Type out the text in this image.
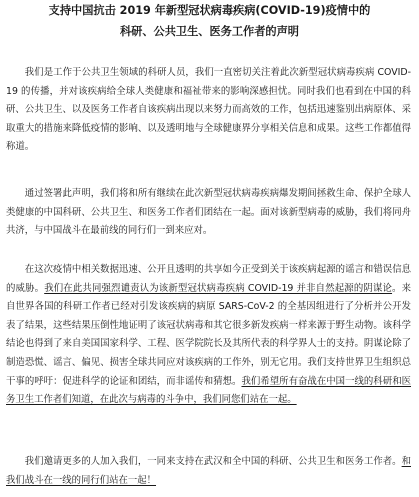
支持中国抗击 2019 年新型冠状病毒疾病(COVID-19)疫情中的
科研、公共卫生、医务工作者的声明

我们是工作于公共卫生领域的科研人员，我们一直密切关注着此次新型冠状病毒疾病 COVID-19 的传播，并对该疾病给全球人类健康和福祉带来的影响深感担忧。同时我们也看到在中国的科研、公共卫生、以及医务工作者自该疾病出现以来努力而高效的工作，包括迅速鉴别出病原体、采取重大的措施来降低疫情的影响、以及透明地与全球健康界分享相关信息和成果。这些工作都值得称道。

通过签署此声明，我们将和所有继续在此次新型冠状病毒疾病爆发期间拯救生命、保护全球人类健康的中国科研、公共卫生、和医务工作者们团结在一起。面对该新型病毒的威胁，我们将同舟共济，与中国战斗在最前线的同行们一到来应对。

在这次疫情中相关数据迅速、公开且透明的共享如今正受到关于该疾病起源的谣言和错误信息的威胁。我们在此共同强烈谴责认为该新型冠状病毒疾病 COVID-19 并非自然起源的阴谋论。来自世界各国的科研工作者已经对引发该疾病的病原 SARS-CoV-2 的全基因组进行了分析并公开发表了结果，这些结果压倒性地证明了该冠状病毒和其它很多新发疾病一样来源于野生动物。该科学结论也得到了来自美国国家科学、工程、医学院院长及其所代表的科学界人士的支持。阴谋论除了制造恐慌、谣言、偏见、损害全球共同应对该疾病的工作外，别无它用。我们支持世界卫生组织总干事的呼吁：促进科学的论证和团结，而非谣传和猜想。我们希望所有奋战在中国一线的科研和医务卫生工作者们知道，在此次与病毒的斗争中，我们同您们站在一起。

我们邀请更多的人加入我们，一同来支持在武汉和全中国的科研、公共卫生和医务工作者。和我们战斗在一线的同行们站在一起！
